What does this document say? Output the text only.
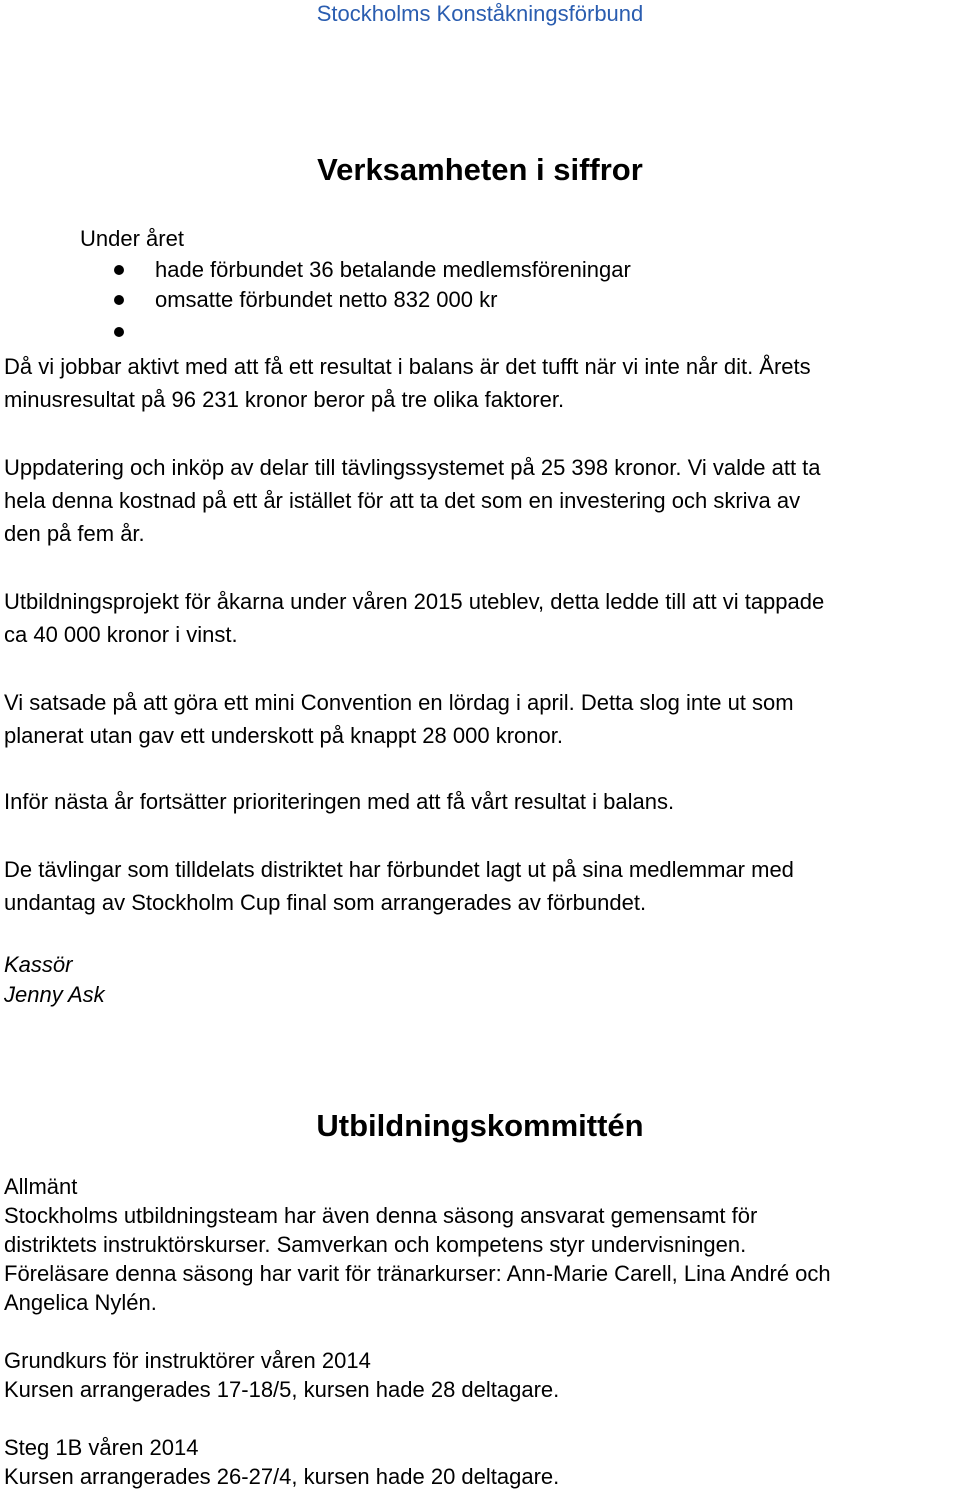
Stockholms Konståkningsförbund
Verksamheten i siffror
Under året
hade förbundet 36 betalande medlemsföreningar
omsatte förbundet netto 832 000 kr
Då vi jobbar aktivt med att få ett resultat i balans är det tufft när vi inte når dit. Årets
minusresultat på 96 231 kronor beror på tre olika faktorer.
Uppdatering och inköp av delar till tävlingssystemet på 25 398 kronor. Vi valde att ta
hela denna kostnad på ett år istället för att ta det som en investering och skriva av
den på fem år.
Utbildningsprojekt för åkarna under våren 2015 uteblev, detta ledde till att vi tappade
ca 40 000 kronor i vinst.
Vi satsade på att göra ett mini Convention en lördag i april. Detta slog inte ut som
planerat utan gav ett underskott på knappt 28 000 kronor.
Inför nästa år fortsätter prioriteringen med att få vårt resultat i balans.
De tävlingar som tilldelats distriktet har förbundet lagt ut på sina medlemmar med
undantag av Stockholm Cup final som arrangerades av förbundet.
Kassör
Jenny Ask
Utbildningskommittén
Allmänt
Stockholms utbildningsteam har även denna säsong ansvarat gemensamt för
distriktets instruktörskurser. Samverkan och kompetens styr undervisningen.
Föreläsare denna säsong har varit för tränarkurser: Ann-Marie Carell, Lina André och
Angelica Nylén.
Grundkurs för instruktörer våren 2014
Kursen arrangerades 17-18/5, kursen hade 28 deltagare.
Steg 1B våren 2014
Kursen arrangerades 26-27/4, kursen hade 20 deltagare.
